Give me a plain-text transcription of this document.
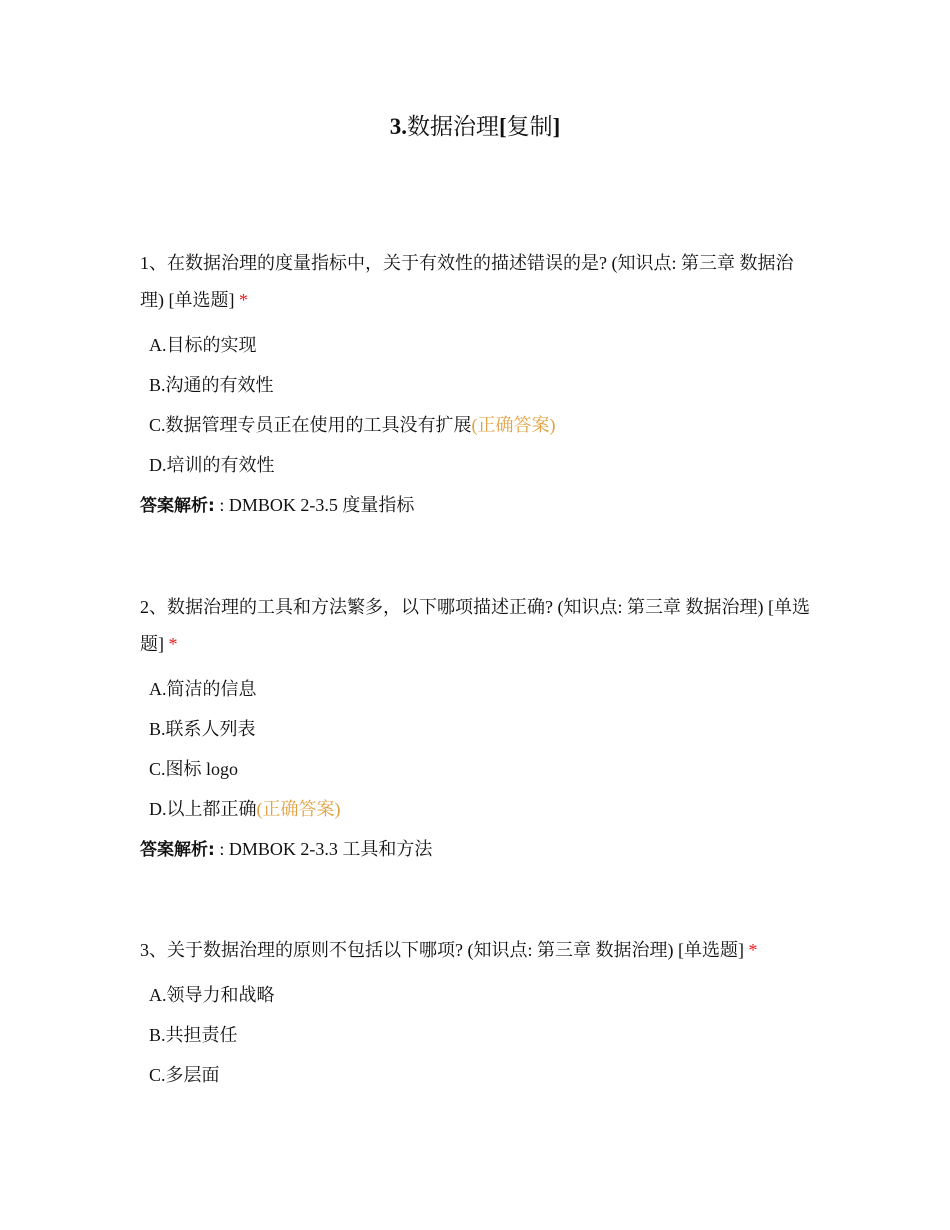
3.数据治理[复制]

1、在数据治理的度量指标中，关于有效性的描述错误的是? (知识点: 第三章 数据治理) [单选题] *

A.目标的实现
B.沟通的有效性
C.数据管理专员正在使用的工具没有扩展(正确答案)
D.培训的有效性

答案解析: : DMBOK 2-3.5 度量指标

2、数据治理的工具和方法繁多，以下哪项描述正确? (知识点: 第三章 数据治理) [单选题] *

A.简洁的信息
B.联系人列表
C.图标 logo
D.以上都正确(正确答案)

答案解析: : DMBOK 2-3.3 工具和方法

3、关于数据治理的原则不包括以下哪项? (知识点: 第三章 数据治理) [单选题] *

A.领导力和战略
B.共担责任
C.多层面
